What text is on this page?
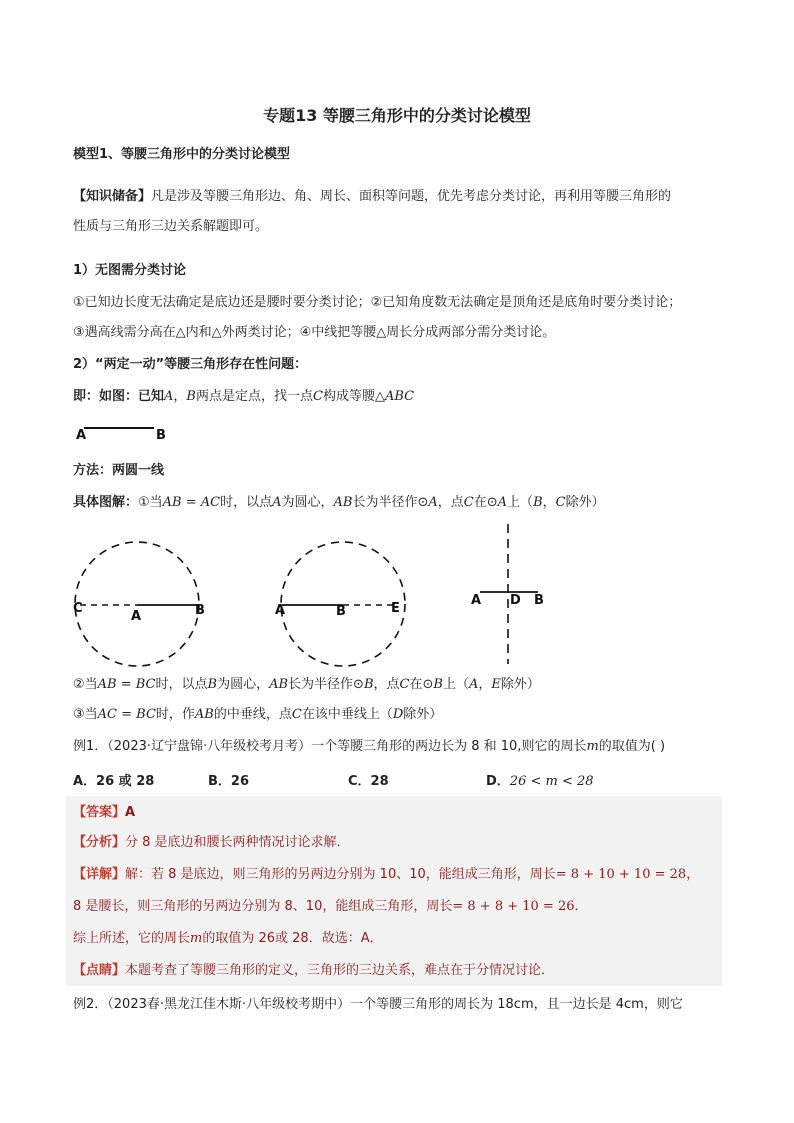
专题13 等腰三角形中的分类讨论模型
模型1、等腰三角形中的分类讨论模型
【知识储备】凡是涉及等腰三角形边、角、周长、面积等问题，优先考虑分类讨论，再利用等腰三角形的
性质与三角形三边关系解题即可。
1）无图需分类讨论
①已知边长度无法确定是底边还是腰时要分类讨论；②已知角度数无法确定是顶角还是底角时要分类讨论；
③遇高线需分高在△内和△外两类讨论；④中线把等腰△周长分成两部分需分类讨论。
2）“两定一动”等腰三角形存在性问题：
即：如图：已知A，B两点是定点，找一点C构成等腰△ABC
A	B
方法：两圆一线
具体图解：①当AB = AC时，以点A为圆心，AB长为半径作⊙A，点C在⊙A上（B，C除外）
C
A	B	A	B	E
A D B
②当AB = BC时，以点B为圆心，AB长为半径作⊙B，点C在⊙B上（A，E除外）
③当AC = BC时，作AB的中垂线，点C在该中垂线上（D除外）
例1．（2023·辽宁盘锦·八年级校考月考）一个等腰三角形的两边长为 8 和 10,则它的周长m的取值为( )
A．26 或 28	B．26	C．28	D．26 < m < 28
【答案】A
【分析】分 8 是底边和腰长两种情况讨论求解．
【详解】解：若 8 是底边，则三角形的另两边分别为 10、10，能组成三角形，周长= 8 + 10 + 10 = 28，
8 是腰长，则三角形的另两边分别为 8、10，能组成三角形，周长= 8 + 8 + 10 = 26．
综上所述，它的周长m的取值为 26或 28．故选：A．
【点睛】本题考查了等腰三角形的定义，三角形的三边关系，难点在于分情况讨论．
例2．（2023春·黑龙江佳木斯·八年级校考期中）一个等腰三角形的周长为 18cm，且一边长是 4cm，则它
